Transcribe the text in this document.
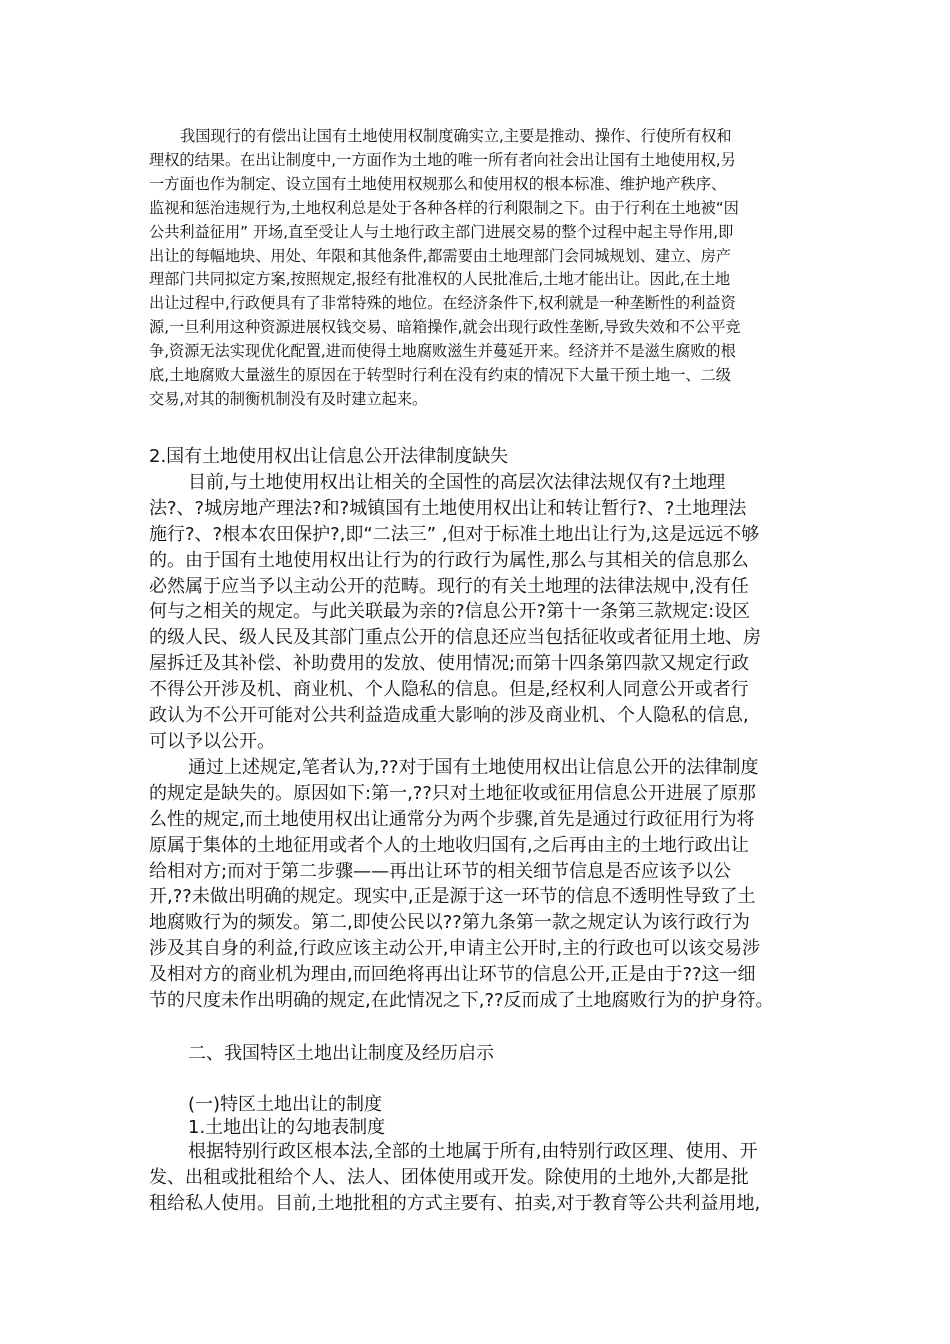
我国现行的有偿出让国有土地使用权制度确实立,主要是推动、操作、行使所有权和
理权的结果。在出让制度中,一方面作为土地的唯一所有者向社会出让国有土地使用权,另
一方面也作为制定、设立国有土地使用权规那么和使用权的根本标准、维护地产秩序、
监视和惩治违规行为,土地权利总是处于各种各样的行利限制之下。由于行利在土地被“因
公共利益征用” 开场,直至受让人与土地行政主部门进展交易的整个过程中起主导作用,即
出让的每幅地块、用处、年限和其他条件,都需要由土地理部门会同城规划、建立、房产
理部门共同拟定方案,按照规定,报经有批准权的人民批准后,土地才能出让。因此,在土地
出让过程中,行政便具有了非常特殊的地位。在经济条件下,权利就是一种垄断性的利益资
源,一旦利用这种资源进展权钱交易、暗箱操作,就会出现行政性垄断,导致失效和不公平竞
争,资源无法实现优化配置,进而使得土地腐败滋生并蔓延开来。经济并不是滋生腐败的根
底,土地腐败大量滋生的原因在于转型时行利在没有约束的情况下大量干预土地一、二级
交易,对其的制衡机制没有及时建立起来。
2.国有土地使用权出让信息公开法律制度缺失
目前,与土地使用权出让相关的全国性的高层次法律法规仅有?土地理
法?、?城房地产理法?和?城镇国有土地使用权出让和转让暂行?、?土地理法
施行?、?根本农田保护?,即“二法三” ,但对于标准土地出让行为,这是远远不够
的。由于国有土地使用权出让行为的行政行为属性,那么与其相关的信息那么
必然属于应当予以主动公开的范畴。现行的有关土地理的法律法规中,没有任
何与之相关的规定。与此关联最为亲的?信息公开?第十一条第三款规定:设区
的级人民、级人民及其部门重点公开的信息还应当包括征收或者征用土地、房
屋拆迁及其补偿、补助费用的发放、使用情况;而第十四条第四款又规定行政
不得公开涉及机、商业机、个人隐私的信息。但是,经权利人同意公开或者行
政认为不公开可能对公共利益造成重大影响的涉及商业机、个人隐私的信息,
可以予以公开。
通过上述规定,笔者认为,??对于国有土地使用权出让信息公开的法律制度
的规定是缺失的。原因如下:第一,??只对土地征收或征用信息公开进展了原那
么性的规定,而土地使用权出让通常分为两个步骤,首先是通过行政征用行为将
原属于集体的土地征用或者个人的土地收归国有,之后再由主的土地行政出让
给相对方;而对于第二步骤——再出让环节的相关细节信息是否应该予以公
开,??未做出明确的规定。现实中,正是源于这一环节的信息不透明性导致了土
地腐败行为的频发。第二,即使公民以??第九条第一款之规定认为该行政行为
涉及其自身的利益,行政应该主动公开,申请主公开时,主的行政也可以该交易涉
及相对方的商业机为理由,而回绝将再出让环节的信息公开,正是由于??这一细
节的尺度未作出明确的规定,在此情况之下,??反而成了土地腐败行为的护身符。
二、我国特区土地出让制度及经历启示
(一)特区土地出让的制度
1.土地出让的勾地表制度
根据特别行政区根本法,全部的土地属于所有,由特别行政区理、使用、开
发、出租或批租给个人、法人、团体使用或开发。除使用的土地外,大都是批
租给私人使用。目前,土地批租的方式主要有、拍卖,对于教育等公共利益用地,
